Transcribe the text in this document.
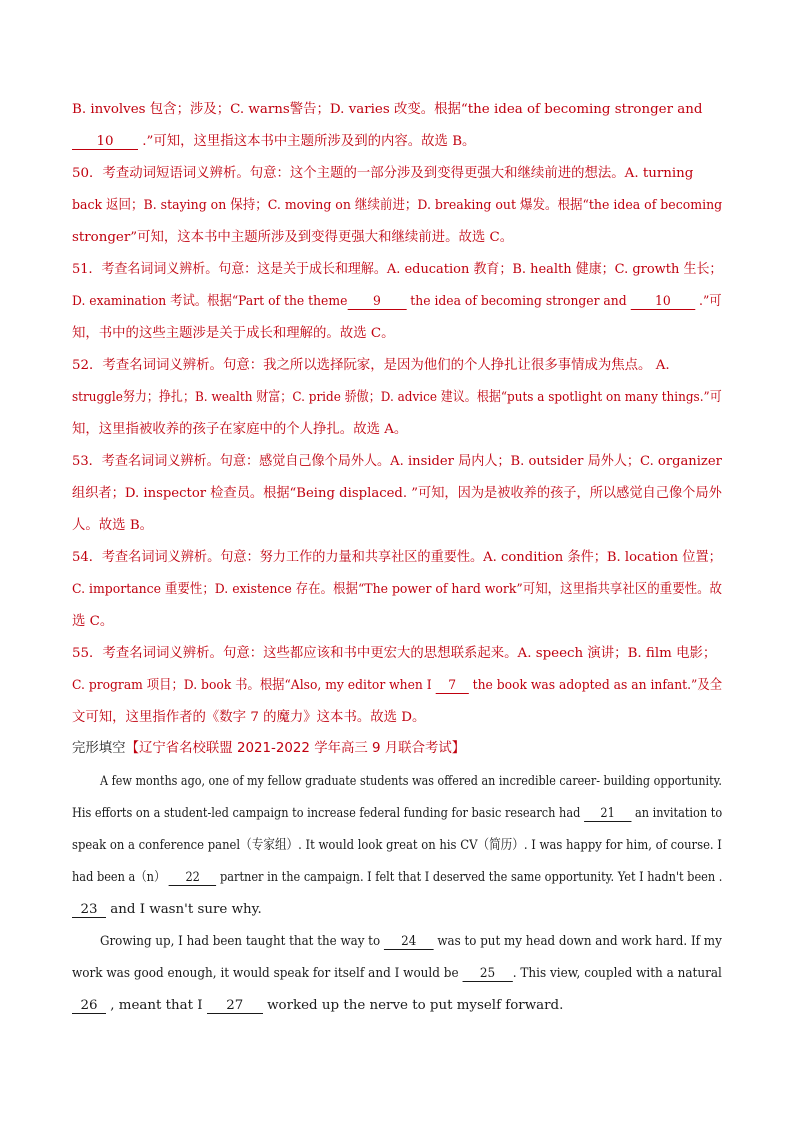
B. involves 包含；涉及；C. warns警告；D. varies 改变。根据“the idea of becoming stronger and
10 .”可知，这里指这本书中主题所涉及到的内容。故选 B。
50．考查动词短语词义辨析。句意：这个主题的一部分涉及到变得更强大和继续前进的想法。A. turning
back 返回；B. staying on 保持；C. moving on 继续前进；D. breaking out 爆发。根据“the idea of becoming
stronger”可知，这本书中主题所涉及到变得更强大和继续前进。故选 C。
51．考查名词词义辨析。句意：这是关于成长和理解。A. education 教育；B. health 健康；C. growth 生长；
D. examination 考试。根据“Part of the theme 9 the idea of becoming stronger and 10 .”可
知，书中的这些主题涉是关于成长和理解的。故选 C。
52．考查名词词义辨析。句意：我之所以选择阮家，是因为他们的个人挣扎让很多事情成为焦点。 A.
struggle努力；挣扎；B. wealth 财富；C. pride 骄傲；D. advice 建议。根据“puts a spotlight on many things.”可
知，这里指被收养的孩子在家庭中的个人挣扎。故选 A。
53．考查名词词义辨析。句意：感觉自己像个局外人。A. insider 局内人；B. outsider 局外人；C. organizer
组织者；D. inspector 检查员。根据“Being displaced. ”可知，因为是被收养的孩子，所以感觉自己像个局外
人。故选 B。
54．考查名词词义辨析。句意：努力工作的力量和共享社区的重要性。A. condition 条件；B. location 位置；
C. importance 重要性；D. existence 存在。根据“The power of hard work”可知，这里指共享社区的重要性。故
选 C。
55．考查名词词义辨析。句意：这些都应该和书中更宏大的思想联系起来。A. speech 演讲；B. film 电影；
C. program 项目；D. book 书。根据“Also, my editor when I 7 the book was adopted as an infant.”及全
文可知，这里指作者的《数字 7 的魔力》这本书。故选 D。
完形填空【辽宁省名校联盟 2021-2022 学年高三 9 月联合考试】
A few months ago, one of my fellow graduate students was offered an incredible career- building opportunity.
His efforts on a student-led campaign to increase federal funding for basic research had 21 an invitation to
speak on a conference panel（专家组）. It would look great on his CV（简历）. I was happy for him, of course. I
had been a（n） 22 partner in the campaign. I felt that I deserved the same opportunity. Yet I hadn't been .
23 and I wasn't sure why.
Growing up, I had been taught that the way to 24 was to put my head down and work hard. If my
work was good enough, it would speak for itself and I would be 25 . This view, coupled with a natural
26 , meant that I 27 worked up the nerve to put myself forward.
